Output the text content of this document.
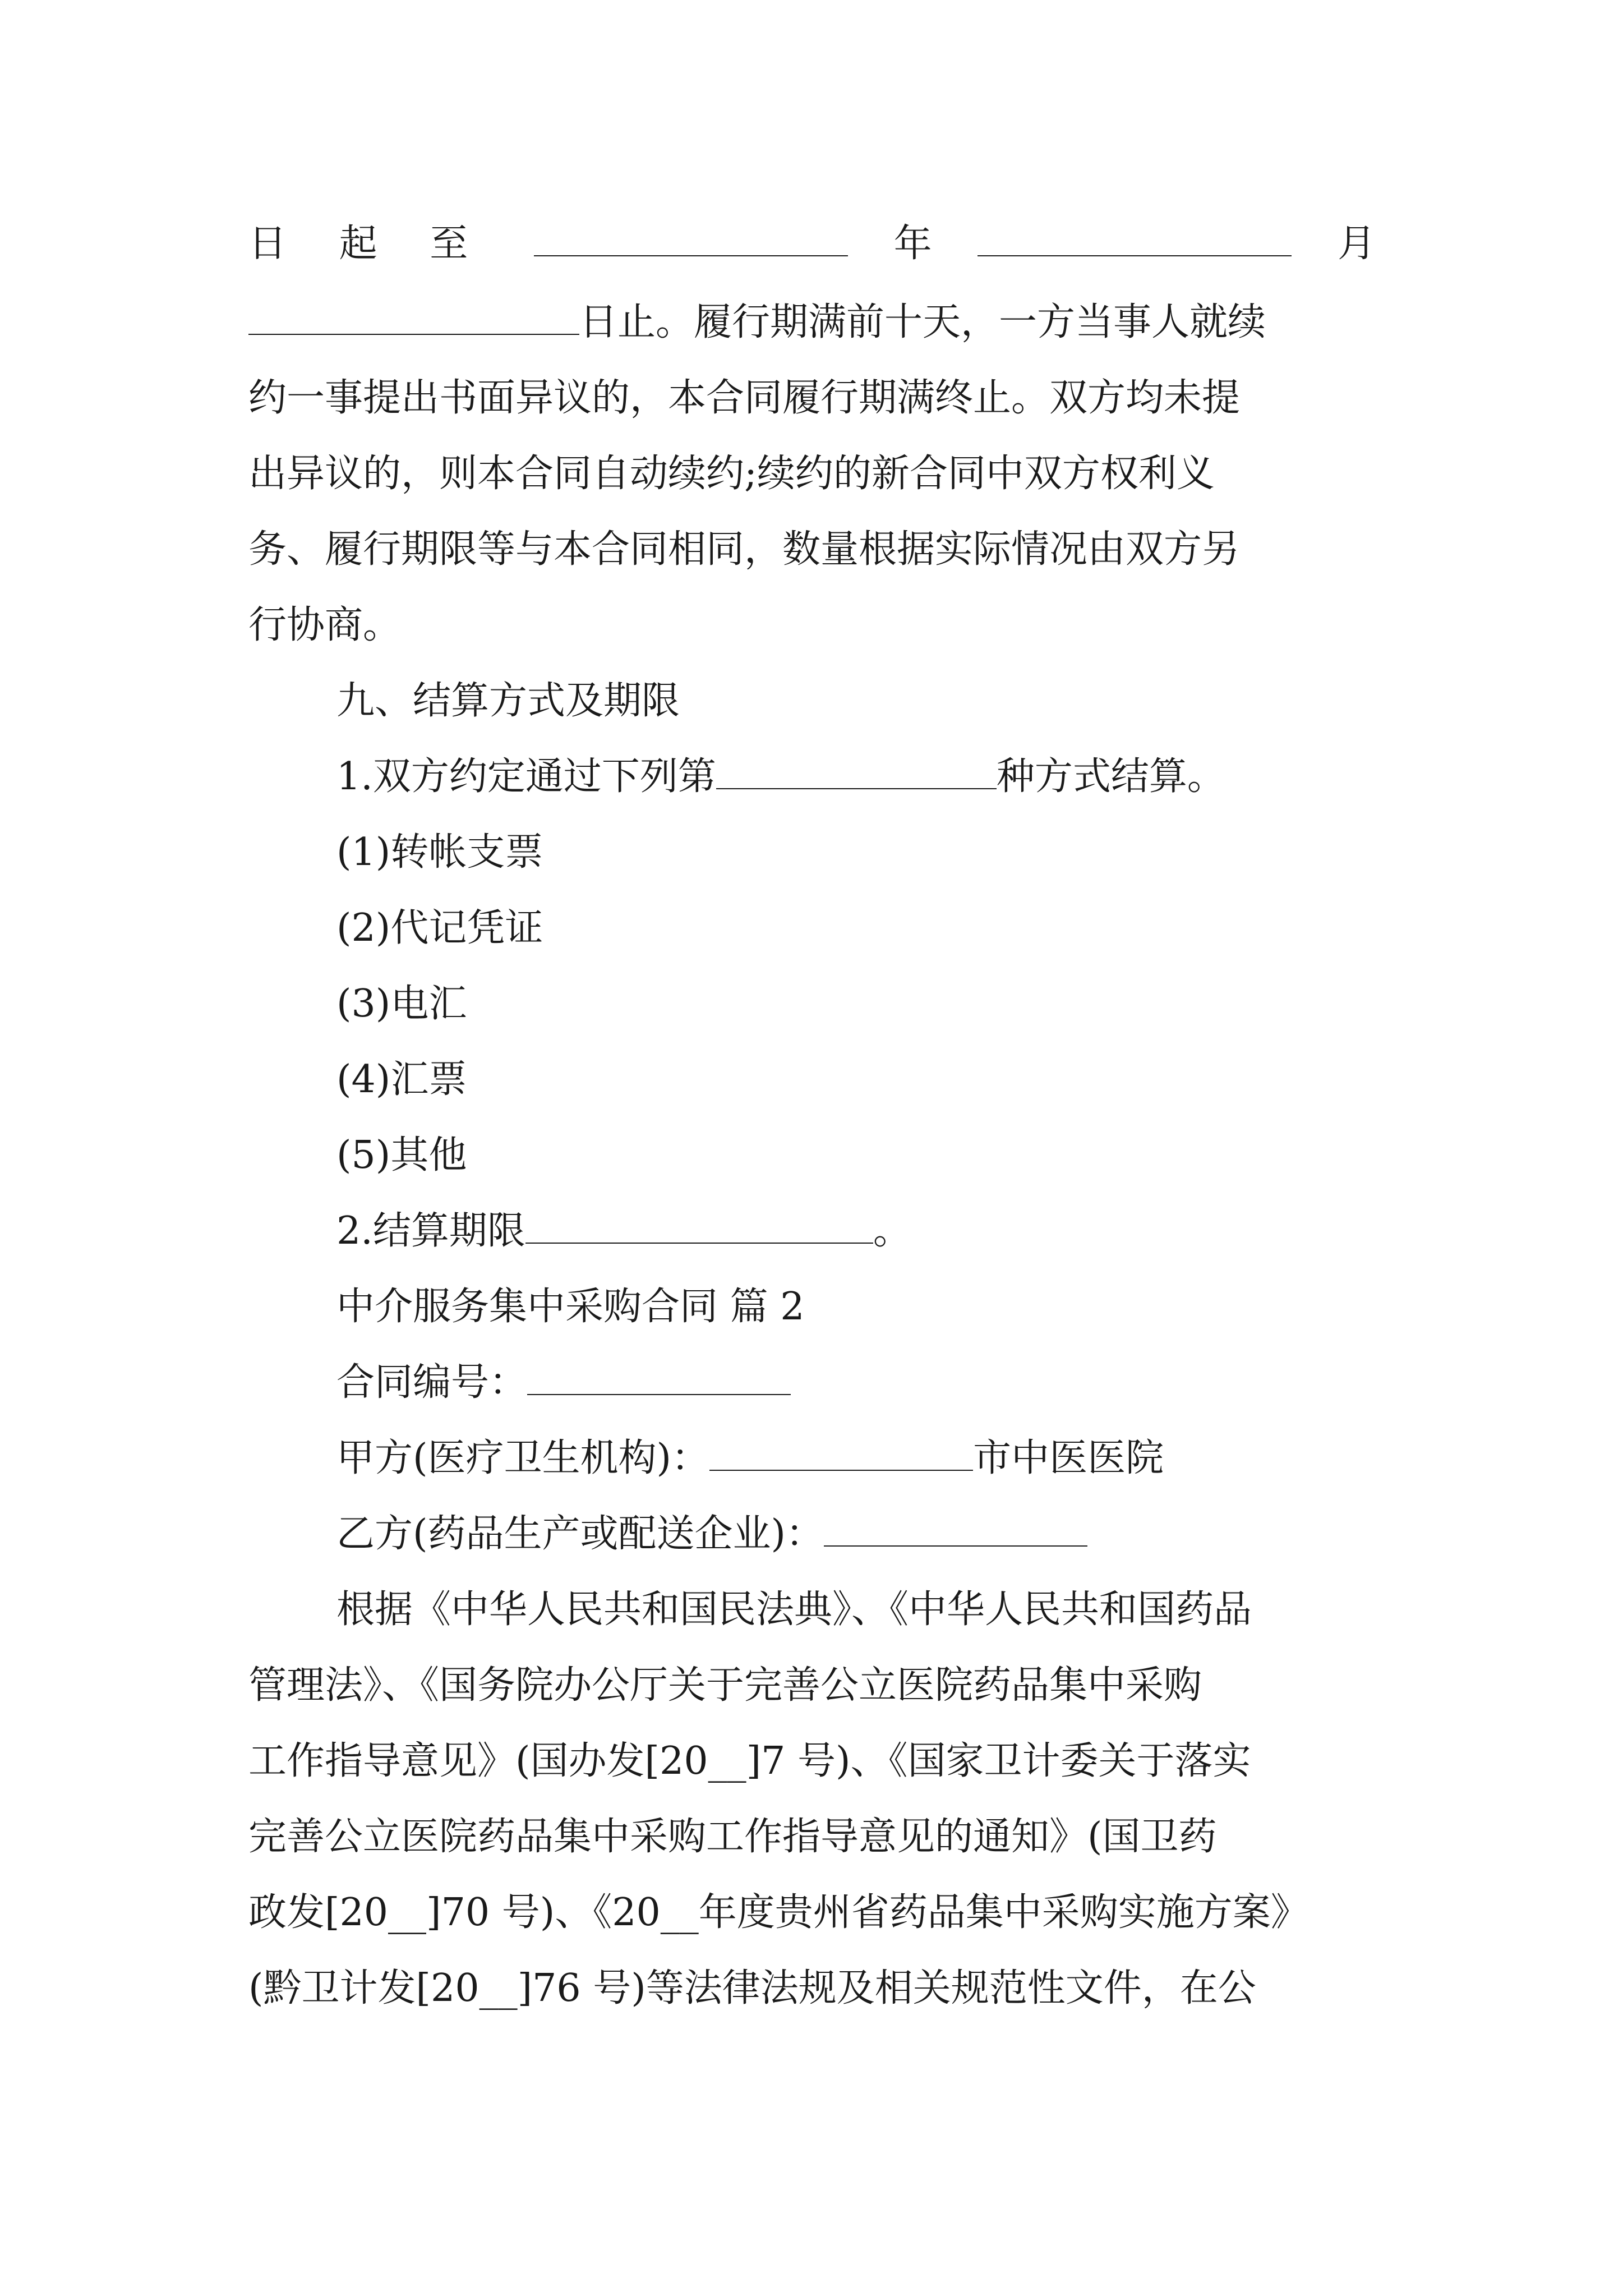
日 起 至	年	月
日止。履行期满前十天，一方当事人就续
约一事提出书面异议的，本合同履行期满终止。双方均未提
出异议的，则本合同自动续约;续约的新合同中双方权利义
务、履行期限等与本合同相同，数量根据实际情况由双方另
行协商。
九、结算方式及期限
1.双方约定通过下列第	种方式结算。
(1)转帐支票
(2)代记凭证
(3)电汇
(4)汇票
(5)其他
2.结算期限	。
中介服务集中采购合同 篇 2
合同编号：
甲方(医疗卫生机构)：	市中医医院
乙方(药品生产或配送企业)：
根据《中华人民共和国民法典》、《中华人民共和国药品
管理法》、《国务院办公厅关于完善公立医院药品集中采购
工作指导意见》(国办发[20__]7 号)、《国家卫计委关于落实
完善公立医院药品集中采购工作指导意见的通知》(国卫药
政发[20__]70 号)、《20__年度贵州省药品集中采购实施方案》
(黔卫计发[20__]76 号)等法律法规及相关规范性文件，在公
